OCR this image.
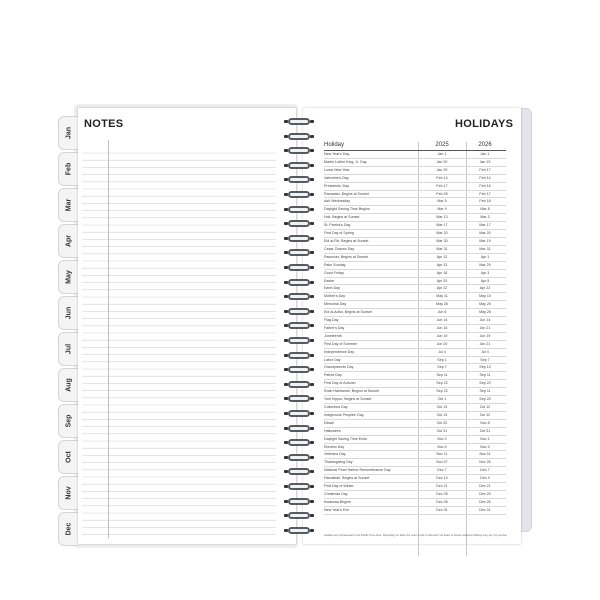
Jan
Feb
Mar
Apr
May
Jun
Jul
Aug
Sep
Oct
Nov
Dec
NOTES	HOLIDAYS
Holiday	2025	2026
New Year's Day	Jan 1	Jan 1
Martin Luther King, Jr. Day	Jan 20	Jan 19
Lunar New Year	Jan 29	Feb 17
Valentine's Day	Feb 14	Feb 14
Presidents' Day	Feb 17	Feb 16
Ramadan, Begins at Sunset	Feb 28	Feb 17
Ash Wednesday	Mar 5	Feb 18
Daylight Saving Time Begins	Mar 9	Mar 8
Holi, Begins at Sunset	Mar 13	Mar 3
St. Patrick's Day	Mar 17	Mar 17
First Day of Spring	Mar 20	Mar 20
Eid al-Fitr, Begins at Sunset	Mar 30	Mar 19
Cesar Chavez Day	Mar 31	Mar 31
Passover, Begins at Sunset	Apr 12	Apr 1
Palm Sunday	Apr 13	Mar 29
Good Friday	Apr 18	Apr 3
Easter	Apr 20	Apr 5
Earth Day	Apr 22	Apr 22
Mother's Day	May 11	May 10
Memorial Day	May 26	May 25
Eid al-Adha, Begins at Sunset	Jun 6	May 26
Flag Day	Jun 14	Jun 14
Father's Day	Jun 15	Jun 21
Juneteenth	Jun 19	Jun 19
First Day of Summer	Jun 20	Jun 21
Independence Day	Jul 4	Jul 4
Labor Day	Sep 1	Sep 7
Grandparents Day	Sep 7	Sep 13
Patriot Day	Sep 11	Sep 11
First Day of Autumn	Sep 22	Sep 22
Rosh Hashanah, Begins at Sunset	Sep 22	Sep 11
Yom Kippur, Begins at Sunset	Oct 1	Sep 20
Columbus Day	Oct 13	Oct 12
Indigenous Peoples' Day	Oct 13	Oct 12
Diwali	Oct 20	Nov 8
Halloween	Oct 31	Oct 31
Daylight Saving Time Ends	Nov 2	Nov 1
Election Day	Nov 4	Nov 3
Veterans Day	Nov 11	Nov 11
Thanksgiving Day	Nov 27	Nov 26
National Pearl Harbor Remembrance Day	Dec 7	Dec 7
Hanukkah, Begins at Sunset	Dec 14	Dec 4
First Day of Winter	Dec 21	Dec 21
Christmas Day	Dec 25	Dec 25
Kwanzaa Begins	Dec 26	Dec 26
New Year's Eve	Dec 31	Dec 31
Holidays are represented in the Pacific Time Zone. Depending on when the moon cycle is observed, the dates of certain religious holidays may vary by one day.
